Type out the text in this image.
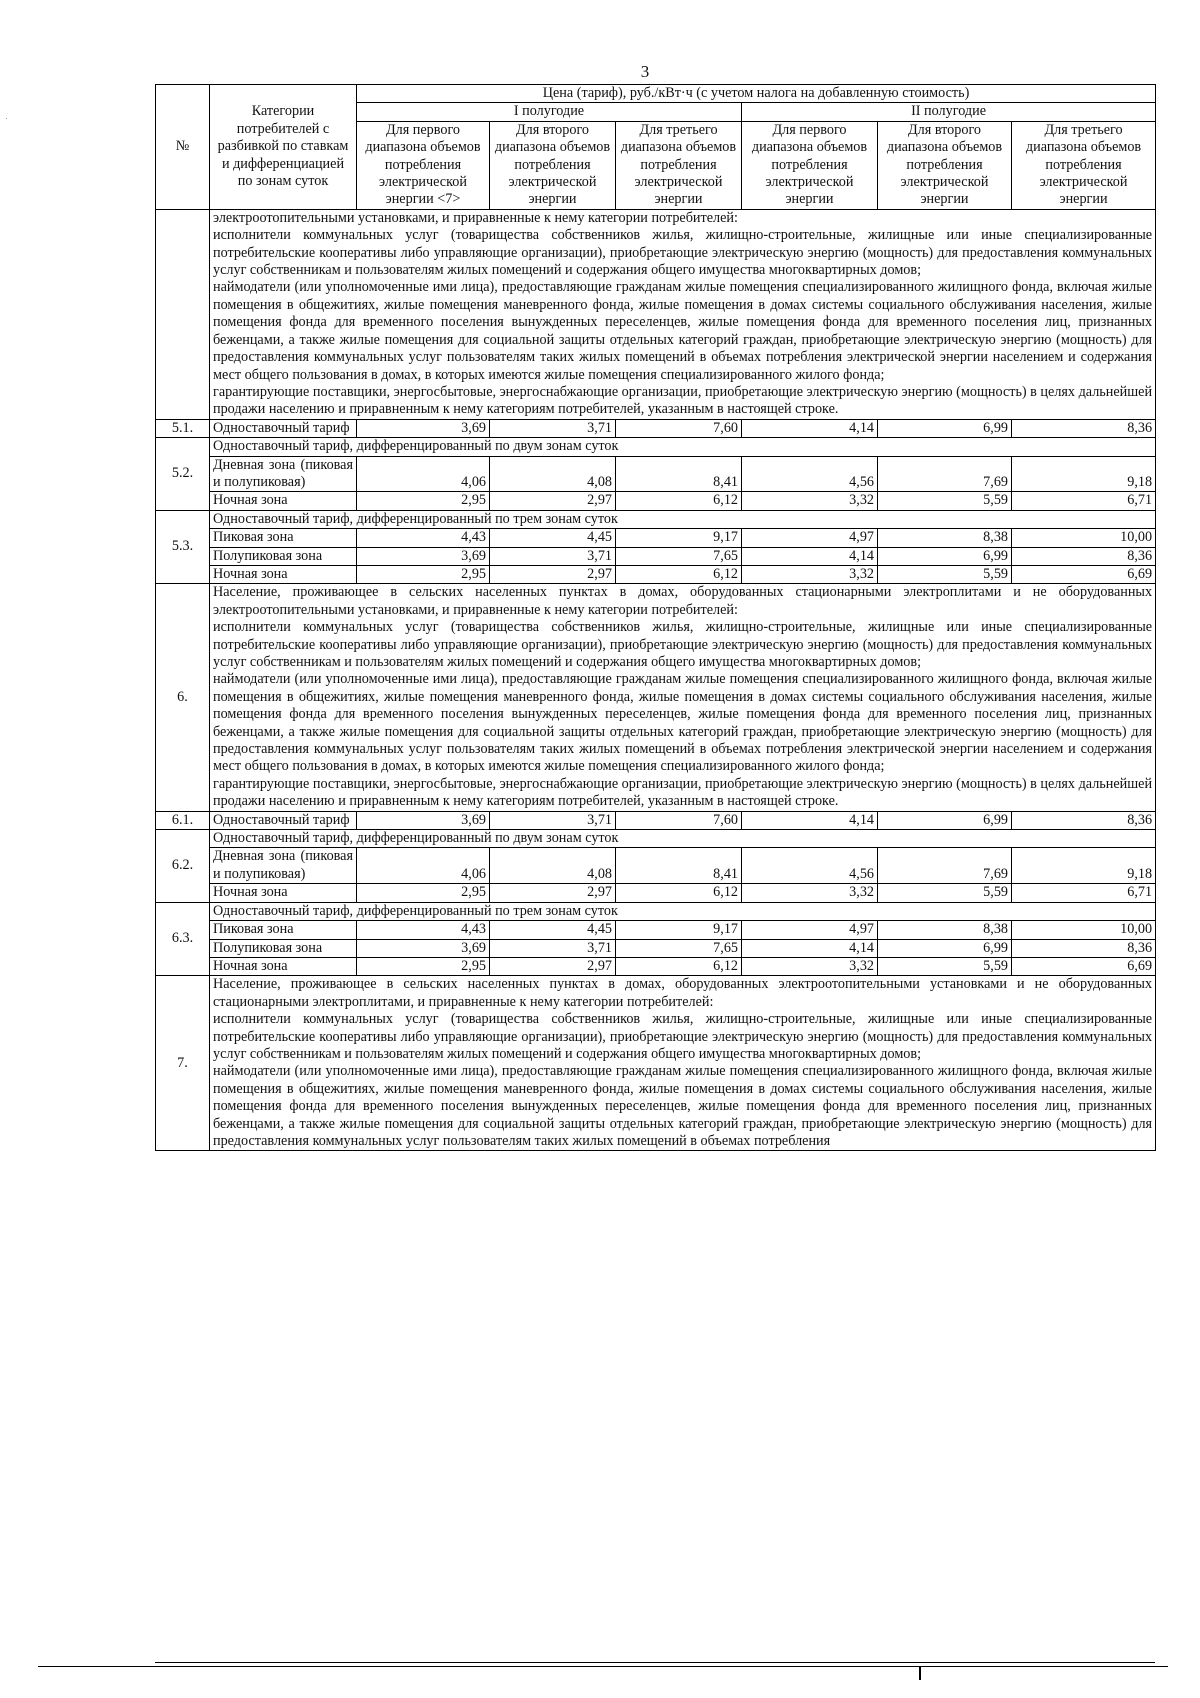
3
№	Категории потребителей с разбивкой по ставкам и дифференциацией по зонам суток	Цена (тариф), руб./кВт·ч (с учетом налога на добавленную стоимость)					
		I полугодие			II полугодие		
		Для первого диапазона объемов потребления электрической энергии <7>	Для второго диапазона объемов потребления электрической энергии	Для третьего диапазона объемов потребления электрической энергии	Для первого диапазона объемов потребления электрической энергии	Для второго диапазона объемов потребления электрической энергии	Для третьего диапазона объемов потребления электрической энергии

	электроотопительными установками, и приравненные к нему категории потребителей:
исполнители коммунальных услуг (товарищества собственников жилья, жилищно-строительные, жилищные или иные специализированные потребительские кооперативы либо управляющие организации), приобретающие электрическую энергию (мощность) для предоставления коммунальных услуг собственникам и пользователям жилых помещений и содержания общего имущества многоквартирных домов;
наймодатели (или уполномоченные ими лица), предоставляющие гражданам жилые помещения специализированного жилищного фонда, включая жилые помещения в общежитиях, жилые помещения маневренного фонда, жилые помещения в домах системы социального обслуживания населения, жилые помещения фонда для временного поселения вынужденных переселенцев, жилые помещения фонда для временного поселения лиц, признанных беженцами, а также жилые помещения для социальной защиты отдельных категорий граждан, приобретающие электрическую энергию (мощность) для предоставления коммунальных услуг пользователям таких жилых помещений в объемах потребления электрической энергии населением и содержания мест общего пользования в домах, в которых имеются жилые помещения специализированного жилого фонда;
гарантирующие поставщики, энергосбытовые, энергоснабжающие организации, приобретающие электрическую энергию (мощность) в целях дальнейшей продажи населению и приравненным к нему категориям потребителей, указанным в настоящей строке.						

5.1.	Одноставочный тариф	3,69	3,71	7,60	4,14	6,99	8,36
5.2.	Одноставочный тариф, дифференцированный по двум зонам суток						
	Дневная зона (пиковая и полупиковая)	4,06	4,08	8,41	4,56	7,69	9,18
	Ночная зона	2,95	2,97	6,12	3,32	5,59	6,71
5.3.	Одноставочный тариф, дифференцированный по трем зонам суток						
	Пиковая зона	4,43	4,45	9,17	4,97	8,38	10,00
	Полупиковая зона	3,69	3,71	7,65	4,14	6,99	8,36
	Ночная зона	2,95	2,97	6,12	3,32	5,59	6,69
6.	Население, проживающее в сельских населенных пунктах в домах, оборудованных стационарными электроплитами и не оборудованных электроотопительными установками, и приравненные к нему категории потребителей:
исполнители коммунальных услуг (товарищества собственников жилья, жилищно-строительные, жилищные или иные специализированные потребительские кооперативы либо управляющие организации), приобретающие электрическую энергию (мощность) для предоставления коммунальных услуг собственникам и пользователям жилых помещений и содержания общего имущества многоквартирных домов;
наймодатели (или уполномоченные ими лица), предоставляющие гражданам жилые помещения специализированного жилищного фонда, включая жилые помещения в общежитиях, жилые помещения маневренного фонда, жилые помещения в домах системы социального обслуживания населения, жилые помещения фонда для временного поселения вынужденных переселенцев, жилые помещения фонда для временного поселения лиц, признанных беженцами, а также жилые помещения для социальной защиты отдельных категорий граждан, приобретающие электрическую энергию (мощность) для предоставления коммунальных услуг пользователям таких жилых помещений в объемах потребления электрической энергии населением и содержания мест общего пользования в домах, в которых имеются жилые помещения специализированного жилого фонда;
гарантирующие поставщики, энергосбытовые, энергоснабжающие организации, приобретающие электрическую энергию (мощность) в целях дальнейшей продажи населению и приравненным к нему категориям потребителей, указанным в настоящей строке.						

6.1.	Одноставочный тариф	3,69	3,71	7,60	4,14	6,99	8,36
6.2.	Одноставочный тариф, дифференцированный по двум зонам суток						
	Дневная зона (пиковая и полупиковая)	4,06	4,08	8,41	4,56	7,69	9,18
	Ночная зона	2,95	2,97	6,12	3,32	5,59	6,71
6.3.	Одноставочный тариф, дифференцированный по трем зонам суток						
	Пиковая зона	4,43	4,45	9,17	4,97	8,38	10,00
	Полупиковая зона	3,69	3,71	7,65	4,14	6,99	8,36
	Ночная зона	2,95	2,97	6,12	3,32	5,59	6,69
7.	Население, проживающее в сельских населенных пунктах в домах, оборудованных электроотопительными установками и не оборудованных стационарными электроплитами, и приравненные к нему категории потребителей:
исполнители коммунальных услуг (товарищества собственников жилья, жилищно-строительные, жилищные или иные специализированные потребительские кооперативы либо управляющие организации), приобретающие электрическую энергию (мощность) для предоставления коммунальных услуг собственникам и пользователям жилых помещений и содержания общего имущества многоквартирных домов;
наймодатели (или уполномоченные ими лица), предоставляющие гражданам жилые помещения специализированного жилищного фонда, включая жилые помещения в общежитиях, жилые помещения маневренного фонда, жилые помещения в домах системы социального обслуживания населения, жилые помещения фонда для временного поселения вынужденных переселенцев, жилые помещения фонда для временного поселения лиц, признанных беженцами, а также жилые помещения для социальной защиты отдельных категорий граждан, приобретающие электрическую энергию (мощность) для предоставления коммунальных услуг пользователям таких жилых помещений в объемах потребления						
